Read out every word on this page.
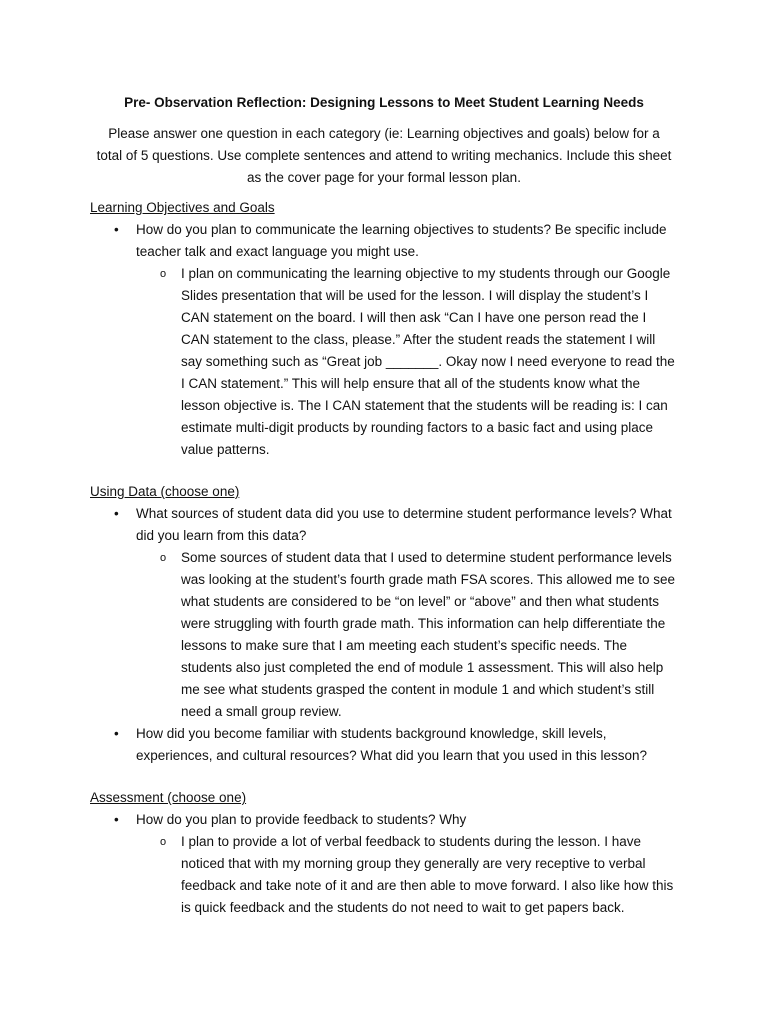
Pre- Observation Reflection: Designing Lessons to Meet Student Learning Needs
Please answer one question in each category (ie: Learning objectives and goals) below for a total of 5 questions. Use complete sentences and attend to writing mechanics. Include this sheet as the cover page for your formal lesson plan.
Learning Objectives and Goals
• How do you plan to communicate the learning objectives to students? Be specific include teacher talk and exact language you might use.
o I plan on communicating the learning objective to my students through our Google Slides presentation that will be used for the lesson. I will display the student’s I CAN statement on the board. I will then ask “Can I have one person read the I CAN statement to the class, please.” After the student reads the statement I will say something such as “Great job _______. Okay now I need everyone to read the I CAN statement.” This will help ensure that all of the students know what the lesson objective is. The I CAN statement that the students will be reading is: I can estimate multi-digit products by rounding factors to a basic fact and using place value patterns.
Using Data (choose one)
• What sources of student data did you use to determine student performance levels? What did you learn from this data?
o Some sources of student data that I used to determine student performance levels was looking at the student’s fourth grade math FSA scores. This allowed me to see what students are considered to be “on level” or “above” and then what students were struggling with fourth grade math. This information can help differentiate the lessons to make sure that I am meeting each student’s specific needs. The students also just completed the end of module 1 assessment. This will also help me see what students grasped the content in module 1 and which student’s still need a small group review.
• How did you become familiar with students background knowledge, skill levels, experiences, and cultural resources? What did you learn that you used in this lesson?
Assessment (choose one)
• How do you plan to provide feedback to students? Why
o I plan to provide a lot of verbal feedback to students during the lesson. I have noticed that with my morning group they generally are very receptive to verbal feedback and take note of it and are then able to move forward. I also like how this is quick feedback and the students do not need to wait to get papers back.
